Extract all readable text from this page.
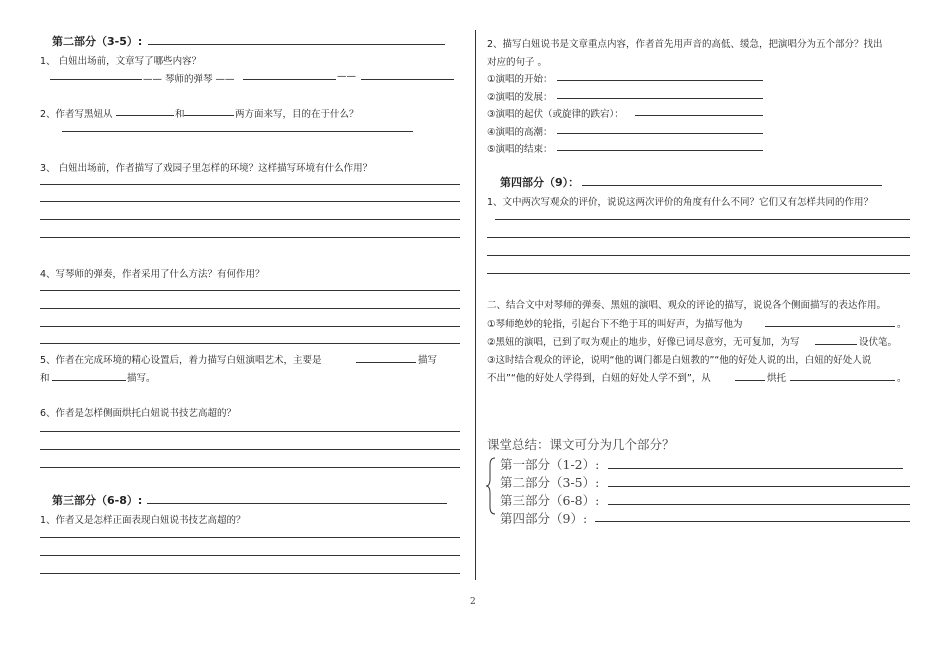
第二部分（3-5）:
1、 白妞出场前，文章写了哪些内容？
—— 琴师的弹琴 ——	——
2、作者写黑妞从	和	两方面来写，目的在于什么？
3、 白妞出场前，作者描写了戏园子里怎样的环境？这样描写环境有什么作用？
4、写琴师的弹奏，作者采用了什么方法？有何作用？
5、作者在完成环境的精心设置后，着力描写白妞演唱艺术，主要是	描写
和	描写。
6、作者是怎样侧面烘托白妞说书技艺高超的？
第三部分（6-8）:
1、作者又是怎样正面表现白妞说书技艺高超的？
2、描写白妞说书是文章重点内容，作者首先用声音的高低、缓急，把演唱分为五个部分？找出
对应的句子 。
①演唱的开始：
②演唱的发展：
③演唱的起伏（或旋律的跌宕）：
④演唱的高潮：
⑤演唱的结束：
第四部分（9）：
1、文中两次写观众的评价，说说这两次评价的角度有什么不同？它们又有怎样共同的作用？
二、结合文中对琴师的弹奏、黑妞的演唱、观众的评论的描写，说说各个侧面描写的表达作用。
①琴师绝妙的轮指，引起台下不绝于耳的叫好声，为描写他为	。
②黑妞的演唱，已到了叹为观止的地步，好像已词尽意穷，无可复加，为写	设伏笔。
③这时结合观众的评论，说明“他的调门都是白妞教的”“他的好处人说的出，白妞的好处人说
不出”“他的好处人学得到，白妞的好处人学不到”，从	烘托	。
课堂总结：课文可分为几个部分？
第一部分（1-2）:
第二部分（3-5）:
第三部分（6-8）:
第四部分（9）:
2
